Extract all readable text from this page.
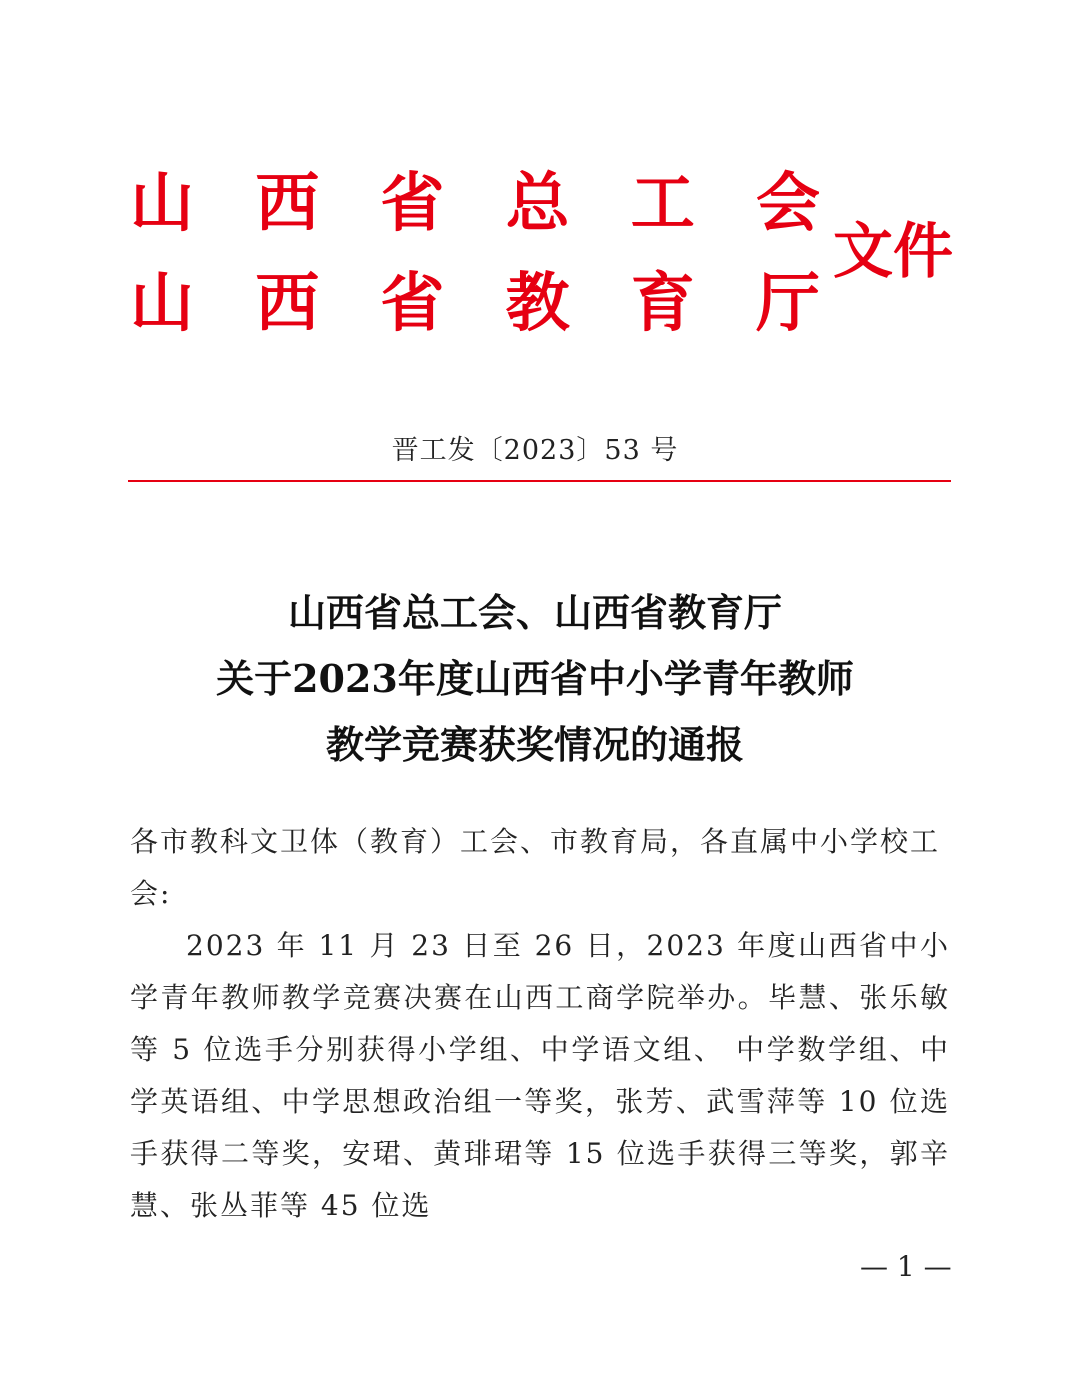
山 西 省 总 工 会
山 西 省 教 育 厅
文件
晋工发〔2023〕53 号
山西省总工会、山西省教育厅
关于2023年度山西省中小学青年教师
教学竞赛获奖情况的通报
各市教科文卫体（教育）工会、市教育局，各直属中小学校工会:
2023 年 11 月 23 日至 26 日，2023 年度山西省中小学青年教师教学竞赛决赛在山西工商学院举办。毕慧、张乐敏等 5 位选手分别获得小学组、中学语文组、 中学数学组、中学英语组、中学思想政治组一等奖，张芳、武雪萍等 10 位选手获得二等奖，安珺、黄琲珺等 15 位选手获得三等奖，郭辛慧、张丛菲等 45 位选
— 1 —
